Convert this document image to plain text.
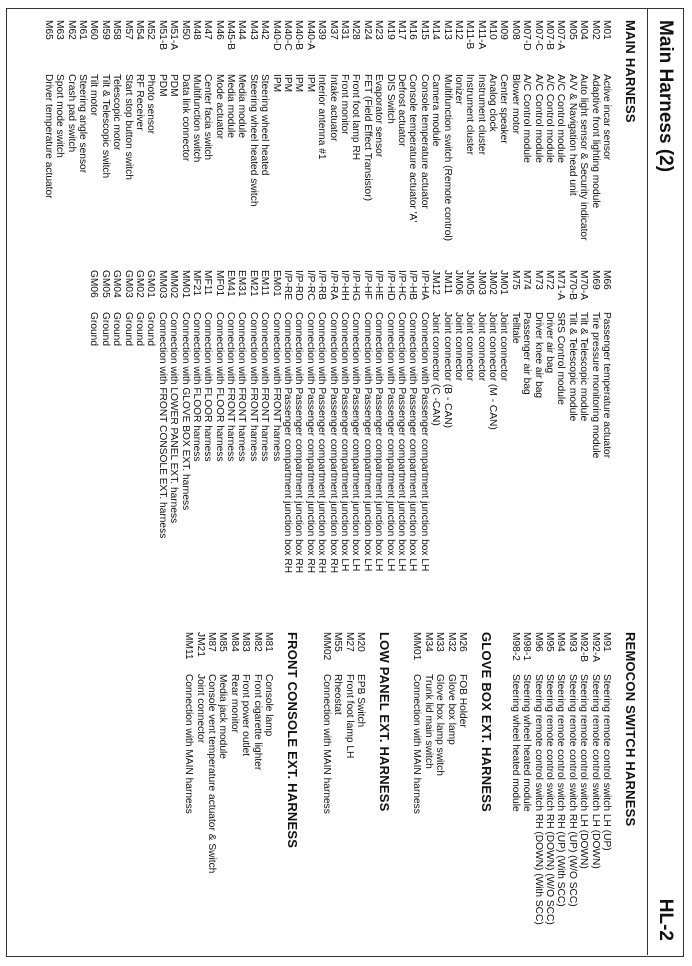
Main Harness (2)
HL-2
MAIN HARNESS
M01
Active incar sensor
M02
Adaptive front lighting module
M04
Auto light sensor & Security indicator
M05
A/V & Navigation head unit
M07-A
A/C Control module
M07-B
A/C Control module
M07-C
A/C Control module
M07-D
A/C Control module
M08
Blower motor
M09
Center speaker
M10
Analog clock
M11-A
Instrument cluster
M11-B
Instrument cluster
M12
Ionizer
M13
Multifunction switch (Remote control)
M14
Camera module
M15
Console temperature actuator
M16
Console temperature actuator 'A'
M17
Defrost actuator
M19
DIS Switch
M23
Evaporator sensor
M24
FET (Field Effect Transistor)
M28
Front foot lamp RH
M31
Front monitor
M37
Intake actuator
M39
Interior antenna #1
M40-A
IPM
M40-B
IPM
M40-C
IPM
M40-D
IPM
M42
Steering wheel heated
M43
Steering wheel heated switch
M44
Media module
M45-B
Media module
M46
Mode actuator
M47
Center facia switch
M48
Multifunction switch
M50
Data link connector
M51-A
PDM
M51-B
PDM
M52
Photo sensor
M54
RF Receiver
M57
Start stop button switch
M58
Telescopic motor
M59
Tilt & Telescopic switch
M60
Tilt motor
M61
Steering angle sensor
M62
Crash pad switch
M63
Sport mode switch
M65
Driver temperature actuator
M66
Passenger temperature actuator
M69
Tire pressure monitoring module
M70-A
Tilt & Telescopic module
M70-B
Tilt & Telescopic module
M71-A
SRS Control module
M72
Driver air bag
M73
Driver knee air bag
M74
Passenger air bag
M75
Telltale
JM01
Joint connector
JM02
Joint connector (M - CAN)
JM03
Joint connector
JM05
Joint connector
JM06
Joint connector
JM11
Joint connector (B - CAN)
JM12
Joint connector (C -CAN)
I/P-HA
Connection with Passenger compartment junction box LH
I/P-HB
Connection with Passenger compartment junction box LH
I/P-HC
Connection with Passenger compartment junction box LH
I/P-HD
Connection with Passenger compartment junction box LH
I/P-HE
Connection with Passenger compartment junction box LH
I/P-HF
Connection with Passenger compartment junction box LH
I/P-HG
Connection with Passenger compartment junction box LH
I/P-HH
Connection with Passenger compartment junction box LH
I/P-RA
Connection with Passenger compartment junction box RH
I/P-RB
Connection with Passenger compartment junction box RH
I/P-RC
Connection with Passenger compartment junction box RH
I/P-RD
Connection with Passenger compartment junction box RH
I/P-RE
Connection with Passenger compartment junction box RH
EM01
Connection with FRONT harness
EM11
Connection with FRONT harness
EM21
Connection with FRONT harness
EM31
Connection with FRONT harness
EM41
Connection with FRONT harness
MF01
Connection with FLOOR harness
MF11
Connection with FLOOR harness
MF21
Connection with FLOOR harness
MM01
Connection with GLOVE BOX EXT. harness
MM02
Connection with LOWER PANEL EXT. harness
MM03
Connection with FRONT CONSOLE EXT. harness
GM01
Ground
GM02
Ground
GM03
Ground
GM04
Ground
GM05
Ground
GM06
Ground
REMOCON SWITCH HARNESS
M91
Steering remote control switch LH (UP)
M92-A
Steering remote control switch LH (DOWN)
M92-B
Steering remote control switch LH (DOWN)
M93
Steering remote control switch RH (UP) (W/O SCC)
M94
Steering remote control switch RH (UP) (With SCC)
M95
Steering remote control switch RH (DOWN) (W/O SCC)
M96
Steering remote control switch RH (DOWN) (With SCC)
M98-1
Steering wheel heated module
M98-2
Steering wheel heated module
GLOVE BOX EXT. HARNESS
M26
FOB Holder
M32
Glove box lamp
M33
Glove box lamp switch
M34
Trunk lid main switch
MM01
Connection with MAIN harness
LOW PANEL EXT. HARNESS
M20
EPB Switch
M27
Front foot lamp LH
M55
Rheostat
MM02
Connection with MAIN harness
FRONT CONSOLE EXT. HARNESS
M81
Console lamp
M82
Front cigarette lighter
M83
Front power outlet
M84
Rear monitor
M85
Media jack module
M87
Console vent temperature actuator & Switch
JM21
Joint connector
MM11
Connection with MAIN harness
